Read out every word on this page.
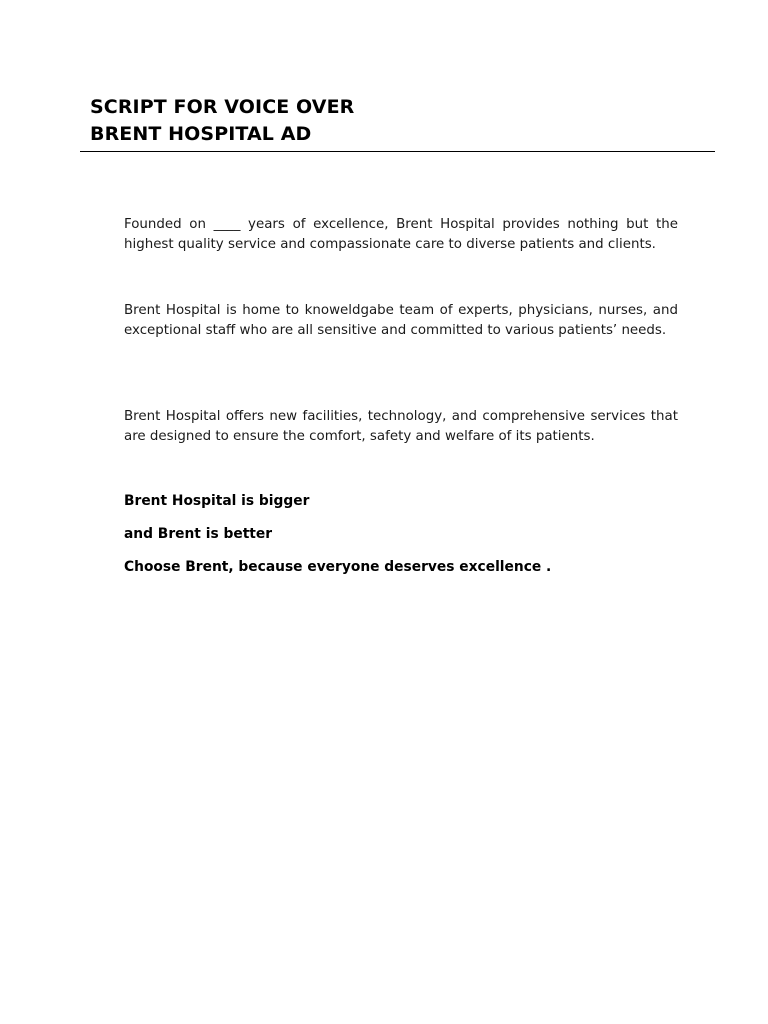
SCRIPT FOR VOICE OVER
BRENT HOSPITAL AD

Founded on ____ years of excellence, Brent Hospital provides nothing but the highest quality service and compassionate care to diverse patients and clients.

Brent Hospital is home to knoweldgabe team of experts, physicians, nurses, and exceptional staff who are all sensitive and committed to various patients’ needs.

Brent Hospital offers new facilities, technology, and comprehensive services that are designed to ensure the comfort, safety and welfare of its patients.

Brent Hospital is bigger
and Brent is better
Choose Brent, because everyone deserves excellence .
